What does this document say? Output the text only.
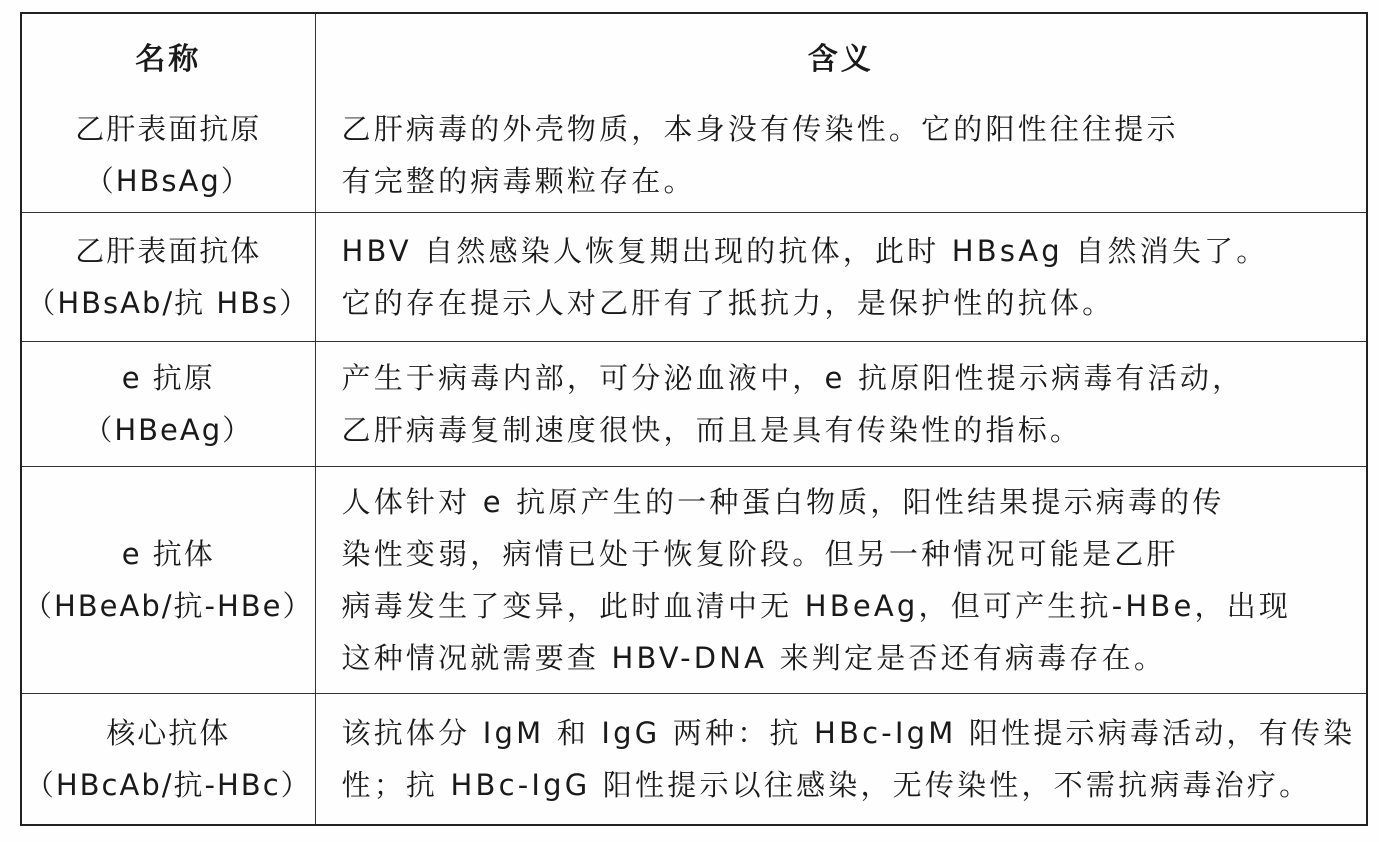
名称	含义

乙肝表面抗原
（HBsAg）	乙肝病毒的外壳物质，本身没有传染性。它的阳性往往提示
有完整的病毒颗粒存在。

乙肝表面抗体
（HBsAb/抗 HBs）	HBV 自然感染人恢复期出现的抗体，此时 HBsAg 自然消失了。
它的存在提示人对乙肝有了抵抗力，是保护性的抗体。

e 抗原
（HBeAg）	产生于病毒内部，可分泌血液中，e 抗原阳性提示病毒有活动，
乙肝病毒复制速度很快，而且是具有传染性的指标。

e 抗体
（HBeAb/抗-HBe）	人体针对 e 抗原产生的一种蛋白物质，阳性结果提示病毒的传
染性变弱，病情已处于恢复阶段。但另一种情况可能是乙肝
病毒发生了变异，此时血清中无 HBeAg，但可产生抗-HBe，出现
这种情况就需要查 HBV-DNA 来判定是否还有病毒存在。

核心抗体
（HBcAb/抗-HBc）	该抗体分 IgM 和 IgG 两种：抗 HBc-IgM 阳性提示病毒活动，有传染
性；抗 HBc-IgG 阳性提示以往感染，无传染性，不需抗病毒治疗。
